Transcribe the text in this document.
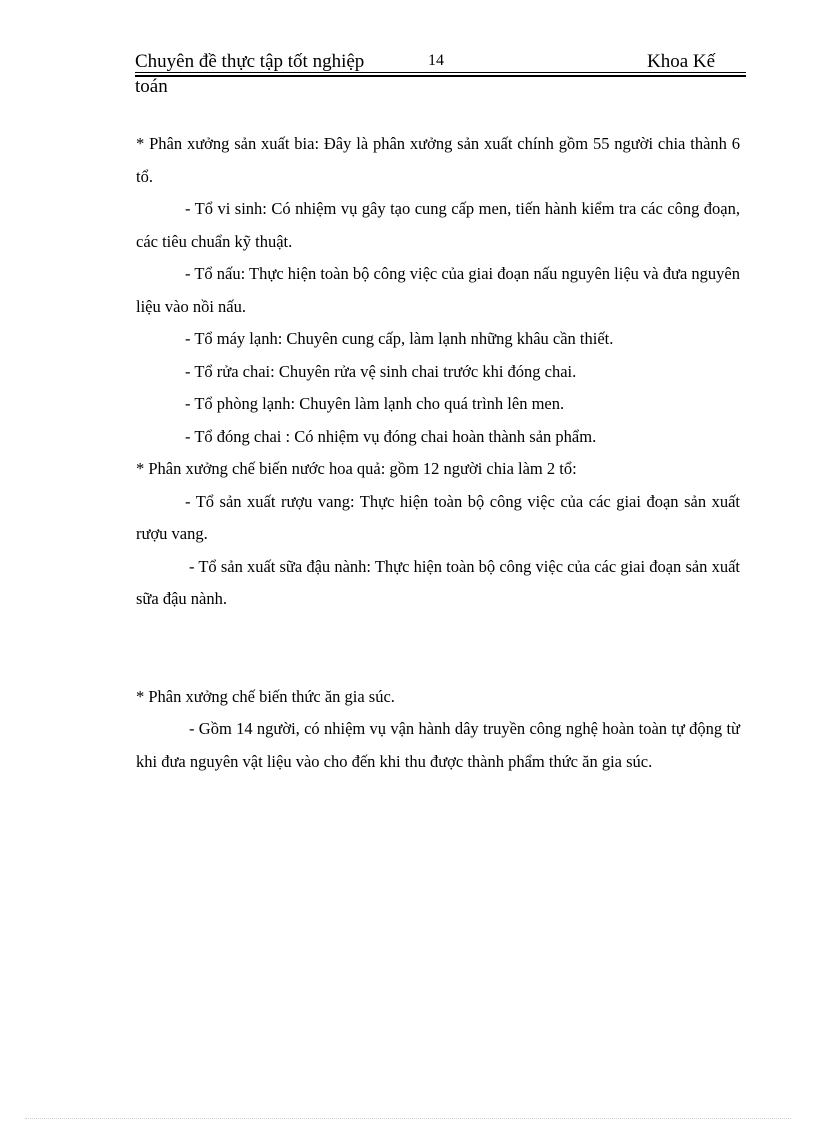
Chuyên đề thực tập tốt nghiệp	14	Khoa Kế
toán

* Phân xưởng sản xuất bia: Đây là phân xưởng sản xuất chính gồm 55 người chia thành 6 tổ.

- Tổ vi sinh: Có nhiệm vụ gây tạo cung cấp men, tiến hành kiểm tra các công đoạn, các tiêu chuẩn kỹ thuật.

- Tổ nấu: Thực hiện toàn bộ công việc của giai đoạn nấu nguyên liệu và đưa nguyên liệu vào nồi nấu.

- Tổ máy lạnh: Chuyên cung cấp, làm lạnh những khâu cần thiết.

- Tổ rửa chai: Chuyên rửa vệ sinh chai trước khi đóng chai.

- Tổ phòng lạnh: Chuyên làm lạnh cho quá trình lên men.

- Tổ đóng chai : Có nhiệm vụ đóng chai hoàn thành sản phẩm.

* Phân xưởng chế biến nước hoa quả: gồm 12 người chia làm 2 tổ:

- Tổ sản xuất rượu vang: Thực hiện toàn bộ công việc của các giai đoạn sản xuất rượu vang.

- Tổ sản xuất sữa đậu nành: Thực hiện toàn bộ công việc của các giai đoạn sản xuất sữa đậu nành.

* Phân xưởng chế biến thức ăn gia súc.

- Gồm 14 người, có nhiệm vụ vận hành dây truyền công nghệ hoàn toàn tự động từ khi đưa nguyên vật liệu vào cho đến khi thu được thành phẩm thức ăn gia súc.
